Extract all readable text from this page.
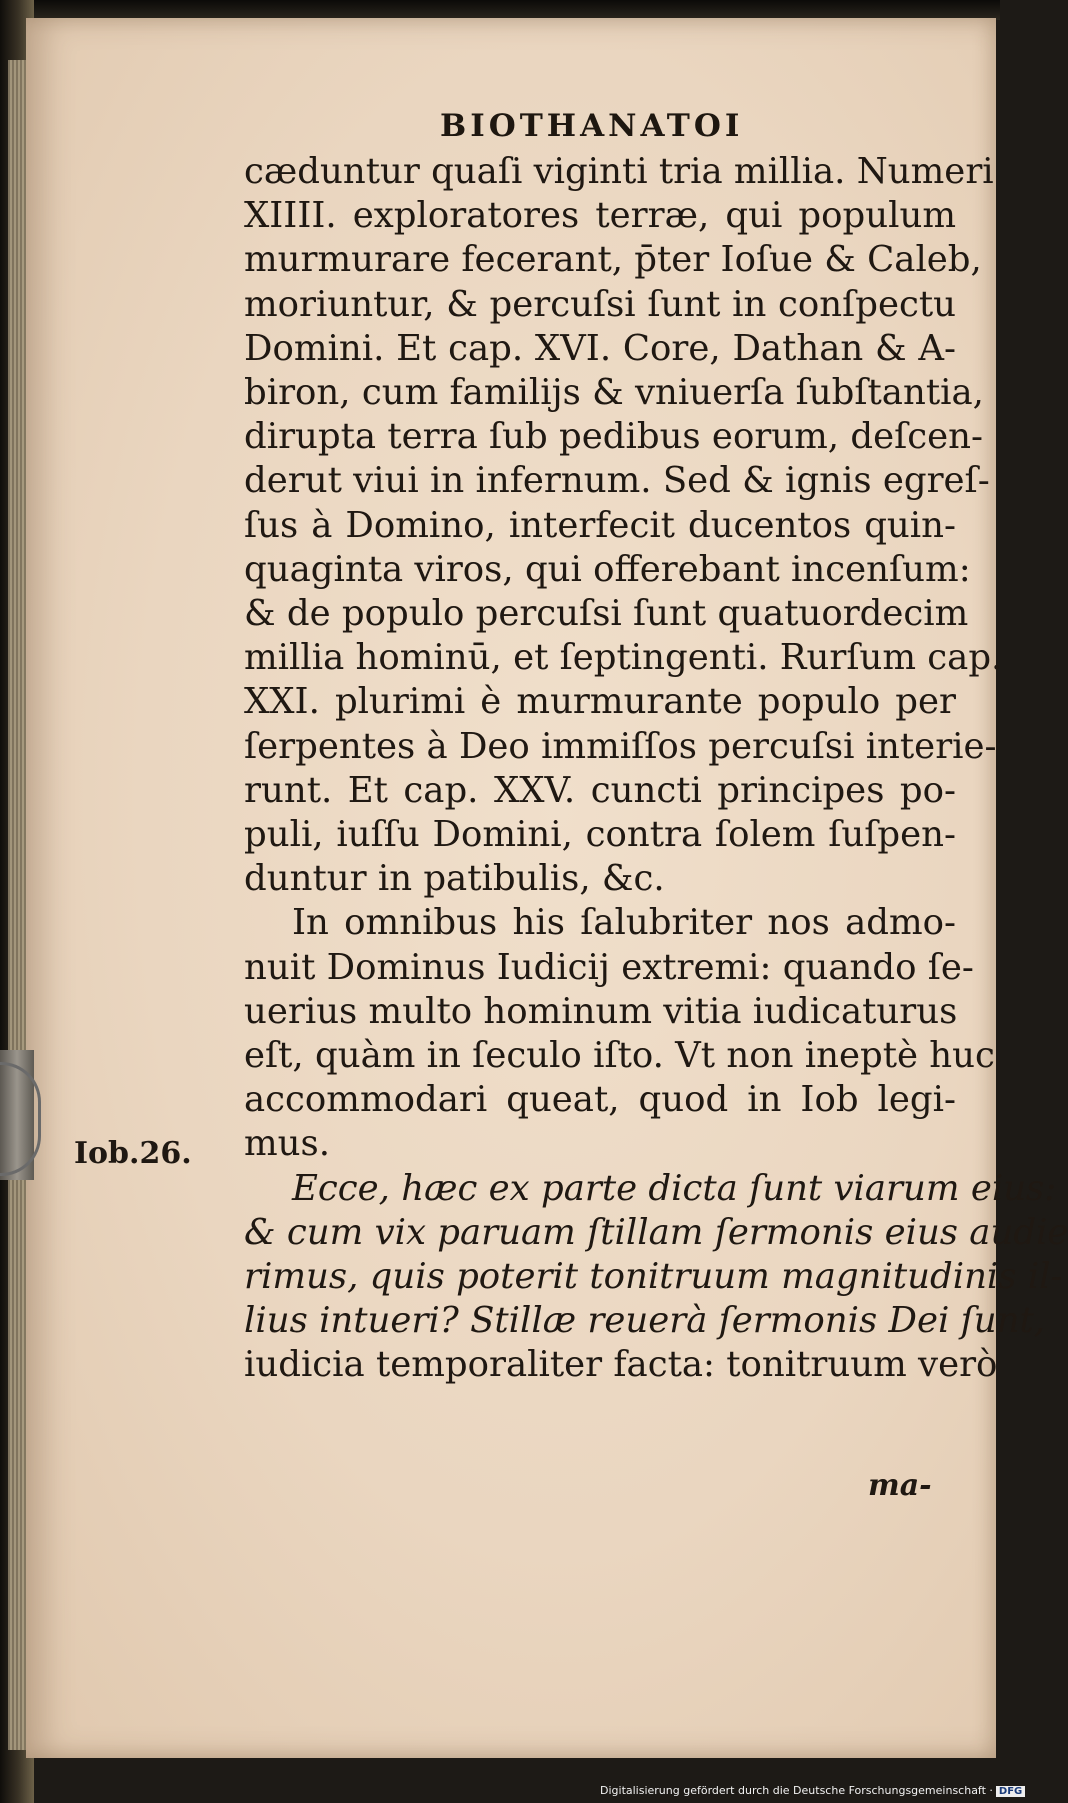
BIOTHANATOI
cæduntur quaſi viginti tria millia. Numeri
XIIII. exploratores terræ, qui populum
murmurare fecerant, p̄ter Ioſue & Caleb,
moriuntur, & percuſsi ſunt in conſpectu
Domini. Et cap. XVI. Core, Dathan & A-
biron, cum familijs & vniuerſa ſubſtantia,
dirupta terra ſub pedibus eorum, deſcen-
derut viui in infernum. Sed & ignis egreſ-
ſus à Domino, interfecit ducentos quin-
quaginta viros, qui offerebant incenſum:
& de populo percuſsi ſunt quatuordecim
millia hominū, et ſeptingenti. Rurſum cap.
XXI. plurimi è murmurante populo per
ſerpentes à Deo immiſſos percuſsi interie-
runt. Et cap. XXV. cuncti principes po-
puli, iuſſu Domini, contra ſolem ſuſpen-
duntur in patibulis, &c.
In omnibus his ſalubriter nos admo-
nuit Dominus Iudicij extremi: quando ſe-
uerius multo hominum vitia iudicaturus
eſt, quàm in ſeculo iſto. Vt non ineptè huc
accommodari queat, quod in Iob legi-
mus.
Ecce, hæc ex parte dicta ſunt viarum eius:
& cum vix paruam ſtillam ſermonis eius audie
rimus, quis poterit tonitruum magnitudinis il-
lius intueri? Stillæ reuerà ſermonis Dei ſunt,
iudicia temporaliter facta: tonitruum verò
Iob.26.
ma-
Digitalisierung gefördert durch die Deutsche Forschungsgemeinschaft · DFG
